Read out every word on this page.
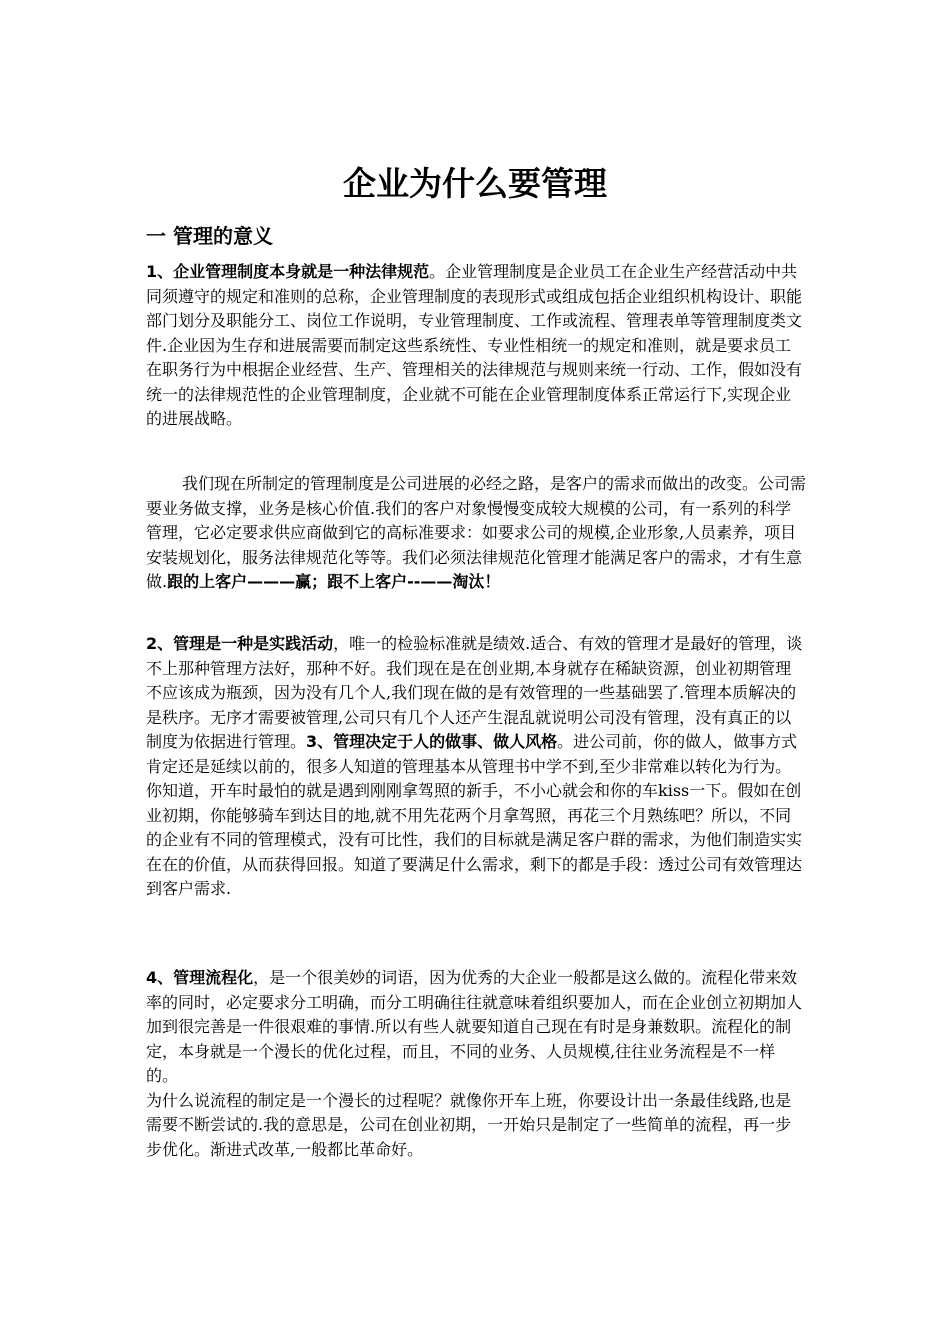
企业为什么要管理
一 管理的意义

1、企业管理制度本身就是一种法律规范。企业管理制度是企业员工在企业生产经营活动中共同须遵守的规定和准则的总称，企业管理制度的表现形式或组成包括企业组织机构设计、职能部门划分及职能分工、岗位工作说明，专业管理制度、工作或流程、管理表单等管理制度类文件.企业因为生存和进展需要而制定这些系统性、专业性相统一的规定和准则，就是要求员工在职务行为中根据企业经营、生产、管理相关的法律规范与规则来统一行动、工作，假如没有统一的法律规范性的企业管理制度，企业就不可能在企业管理制度体系正常运行下,实现企业的进展战略。

我们现在所制定的管理制度是公司进展的必经之路，是客户的需求而做出的改变。公司需要业务做支撑，业务是核心价值.我们的客户对象慢慢变成较大规模的公司，有一系列的科学管理，它必定要求供应商做到它的高标准要求：如要求公司的规模,企业形象,人员素养，项目安装规划化，服务法律规范化等等。我们必须法律规范化管理才能满足客户的需求，才有生意做.跟的上客户———赢；跟不上客户--——淘汰！

2、管理是一种是实践活动，唯一的检验标准就是绩效.适合、有效的管理才是最好的管理，谈不上那种管理方法好，那种不好。我们现在是在创业期,本身就存在稀缺资源，创业初期管理不应该成为瓶颈，因为没有几个人,我们现在做的是有效管理的一些基础罢了.管理本质解决的是秩序。无序才需要被管理,公司只有几个人还产生混乱就说明公司没有管理，没有真正的以制度为依据进行管理。3、管理决定于人的做事、做人风格。进公司前，你的做人，做事方式肯定还是延续以前的，很多人知道的管理基本从管理书中学不到,至少非常难以转化为行为。你知道，开车时最怕的就是遇到刚刚拿驾照的新手，不小心就会和你的车kiss一下。假如在创业初期，你能够骑车到达目的地,就不用先花两个月拿驾照，再花三个月熟练吧？所以，不同的企业有不同的管理模式，没有可比性，我们的目标就是满足客户群的需求，为他们制造实实在在的价值，从而获得回报。知道了要满足什么需求，剩下的都是手段：透过公司有效管理达到客户需求.

4、管理流程化，是一个很美妙的词语，因为优秀的大企业一般都是这么做的。流程化带来效率的同时，必定要求分工明确，而分工明确往往就意味着组织要加人，而在企业创立初期加人加到很完善是一件很艰难的事情.所以有些人就要知道自己现在有时是身兼数职。流程化的制定，本身就是一个漫长的优化过程，而且，不同的业务、人员规模,往往业务流程是不一样的。
为什么说流程的制定是一个漫长的过程呢？就像你开车上班，你要设计出一条最佳线路,也是需要不断尝试的.我的意思是，公司在创业初期，一开始只是制定了一些简单的流程，再一步步优化。渐进式改革,一般都比革命好。
